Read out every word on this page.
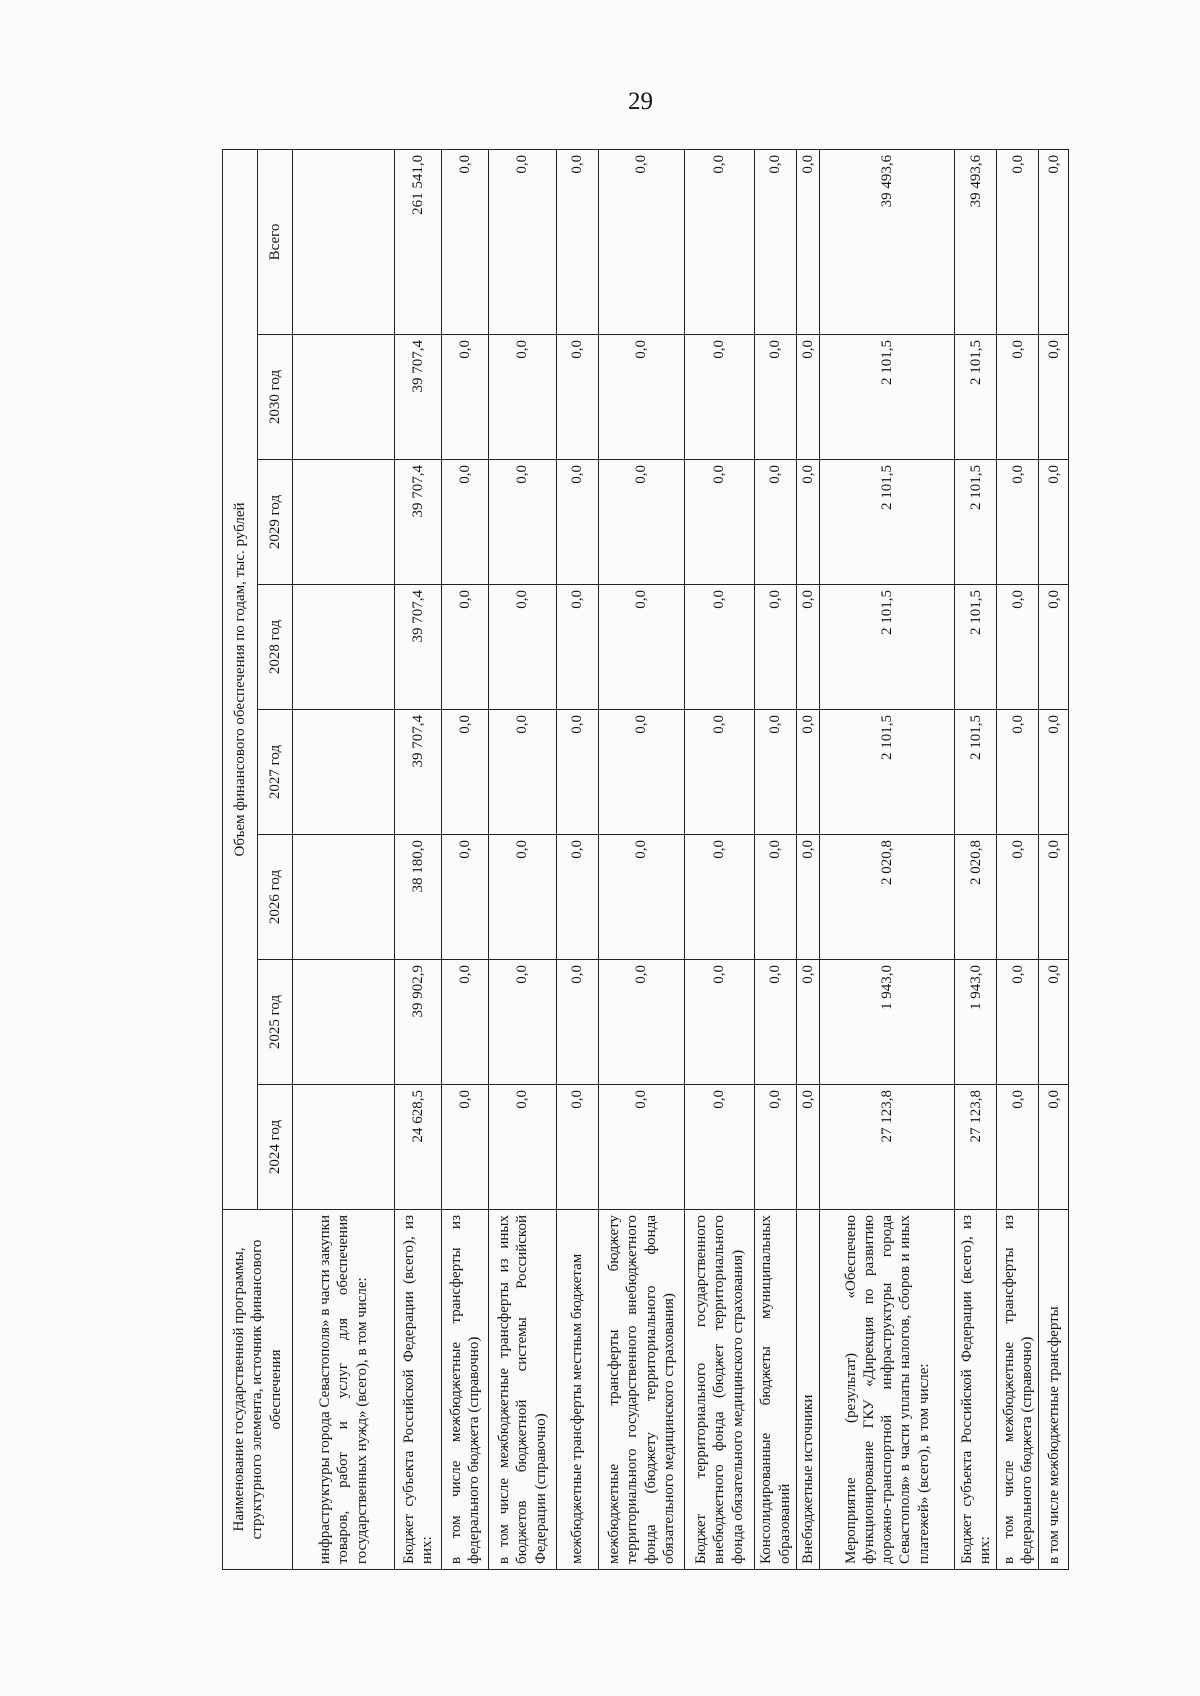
29
Наименование государственной программы, структурного элемента, источник финансового обеспечения	Объем финансового обеспечения по годам, тыс. рублей							
	2024 год	2025 год	2026 год	2027 год	2028 год	2029 год	2030 год	Всего
инфраструктуры города Севастополя» в части закупки товаров, работ и услуг для обеспечения государственных нужд» (всего), в том числе:								
Бюджет субъекта Российской Федерации (всего), из них:	24 628,5	39 902,9	38 180,0	39 707,4	39 707,4	39 707,4	39 707,4	261 541,0
в том числе межбюджетные трансферты из федерального бюджета (справочно)	0,0	0,0	0,0	0,0	0,0	0,0	0,0	0,0
в том числе межбюджетные трансферты из иных бюджетов бюджетной системы Российской Федерации (справочно)	0,0	0,0	0,0	0,0	0,0	0,0	0,0	0,0
межбюджетные трансферты местным бюджетам	0,0	0,0	0,0	0,0	0,0	0,0	0,0	0,0
межбюджетные трансферты бюджету территориального государственного внебюджетного фонда (бюджету территориального фонда обязательного медицинского страхования)	0,0	0,0	0,0	0,0	0,0	0,0	0,0	0,0
Бюджет территориального государственного внебюджетного фонда (бюджет территориального фонда обязательного медицинского страхования)	0,0	0,0	0,0	0,0	0,0	0,0	0,0	0,0
Консолидированные бюджеты муниципальных образований	0,0	0,0	0,0	0,0	0,0	0,0	0,0	0,0
Внебюджетные источники	0,0	0,0	0,0	0,0	0,0	0,0	0,0	0,0
Мероприятие (результат) «Обеспечено функционирование ГКУ «Дирекция по развитию дорожно-транспортной инфраструктуры города Севастополя» в части уплаты налогов, сборов и иных платежей» (всего), в том числе:	27 123,8	1 943,0	2 020,8	2 101,5	2 101,5	2 101,5	2 101,5	39 493,6
Бюджет субъекта Российской Федерации (всего), из них:	27 123,8	1 943,0	2 020,8	2 101,5	2 101,5	2 101,5	2 101,5	39 493,6
в том числе межбюджетные трансферты из федерального бюджета (справочно)	0,0	0,0	0,0	0,0	0,0	0,0	0,0	0,0
в том числе межбюджетные трансферты	0,0	0,0	0,0	0,0	0,0	0,0	0,0	0,0
